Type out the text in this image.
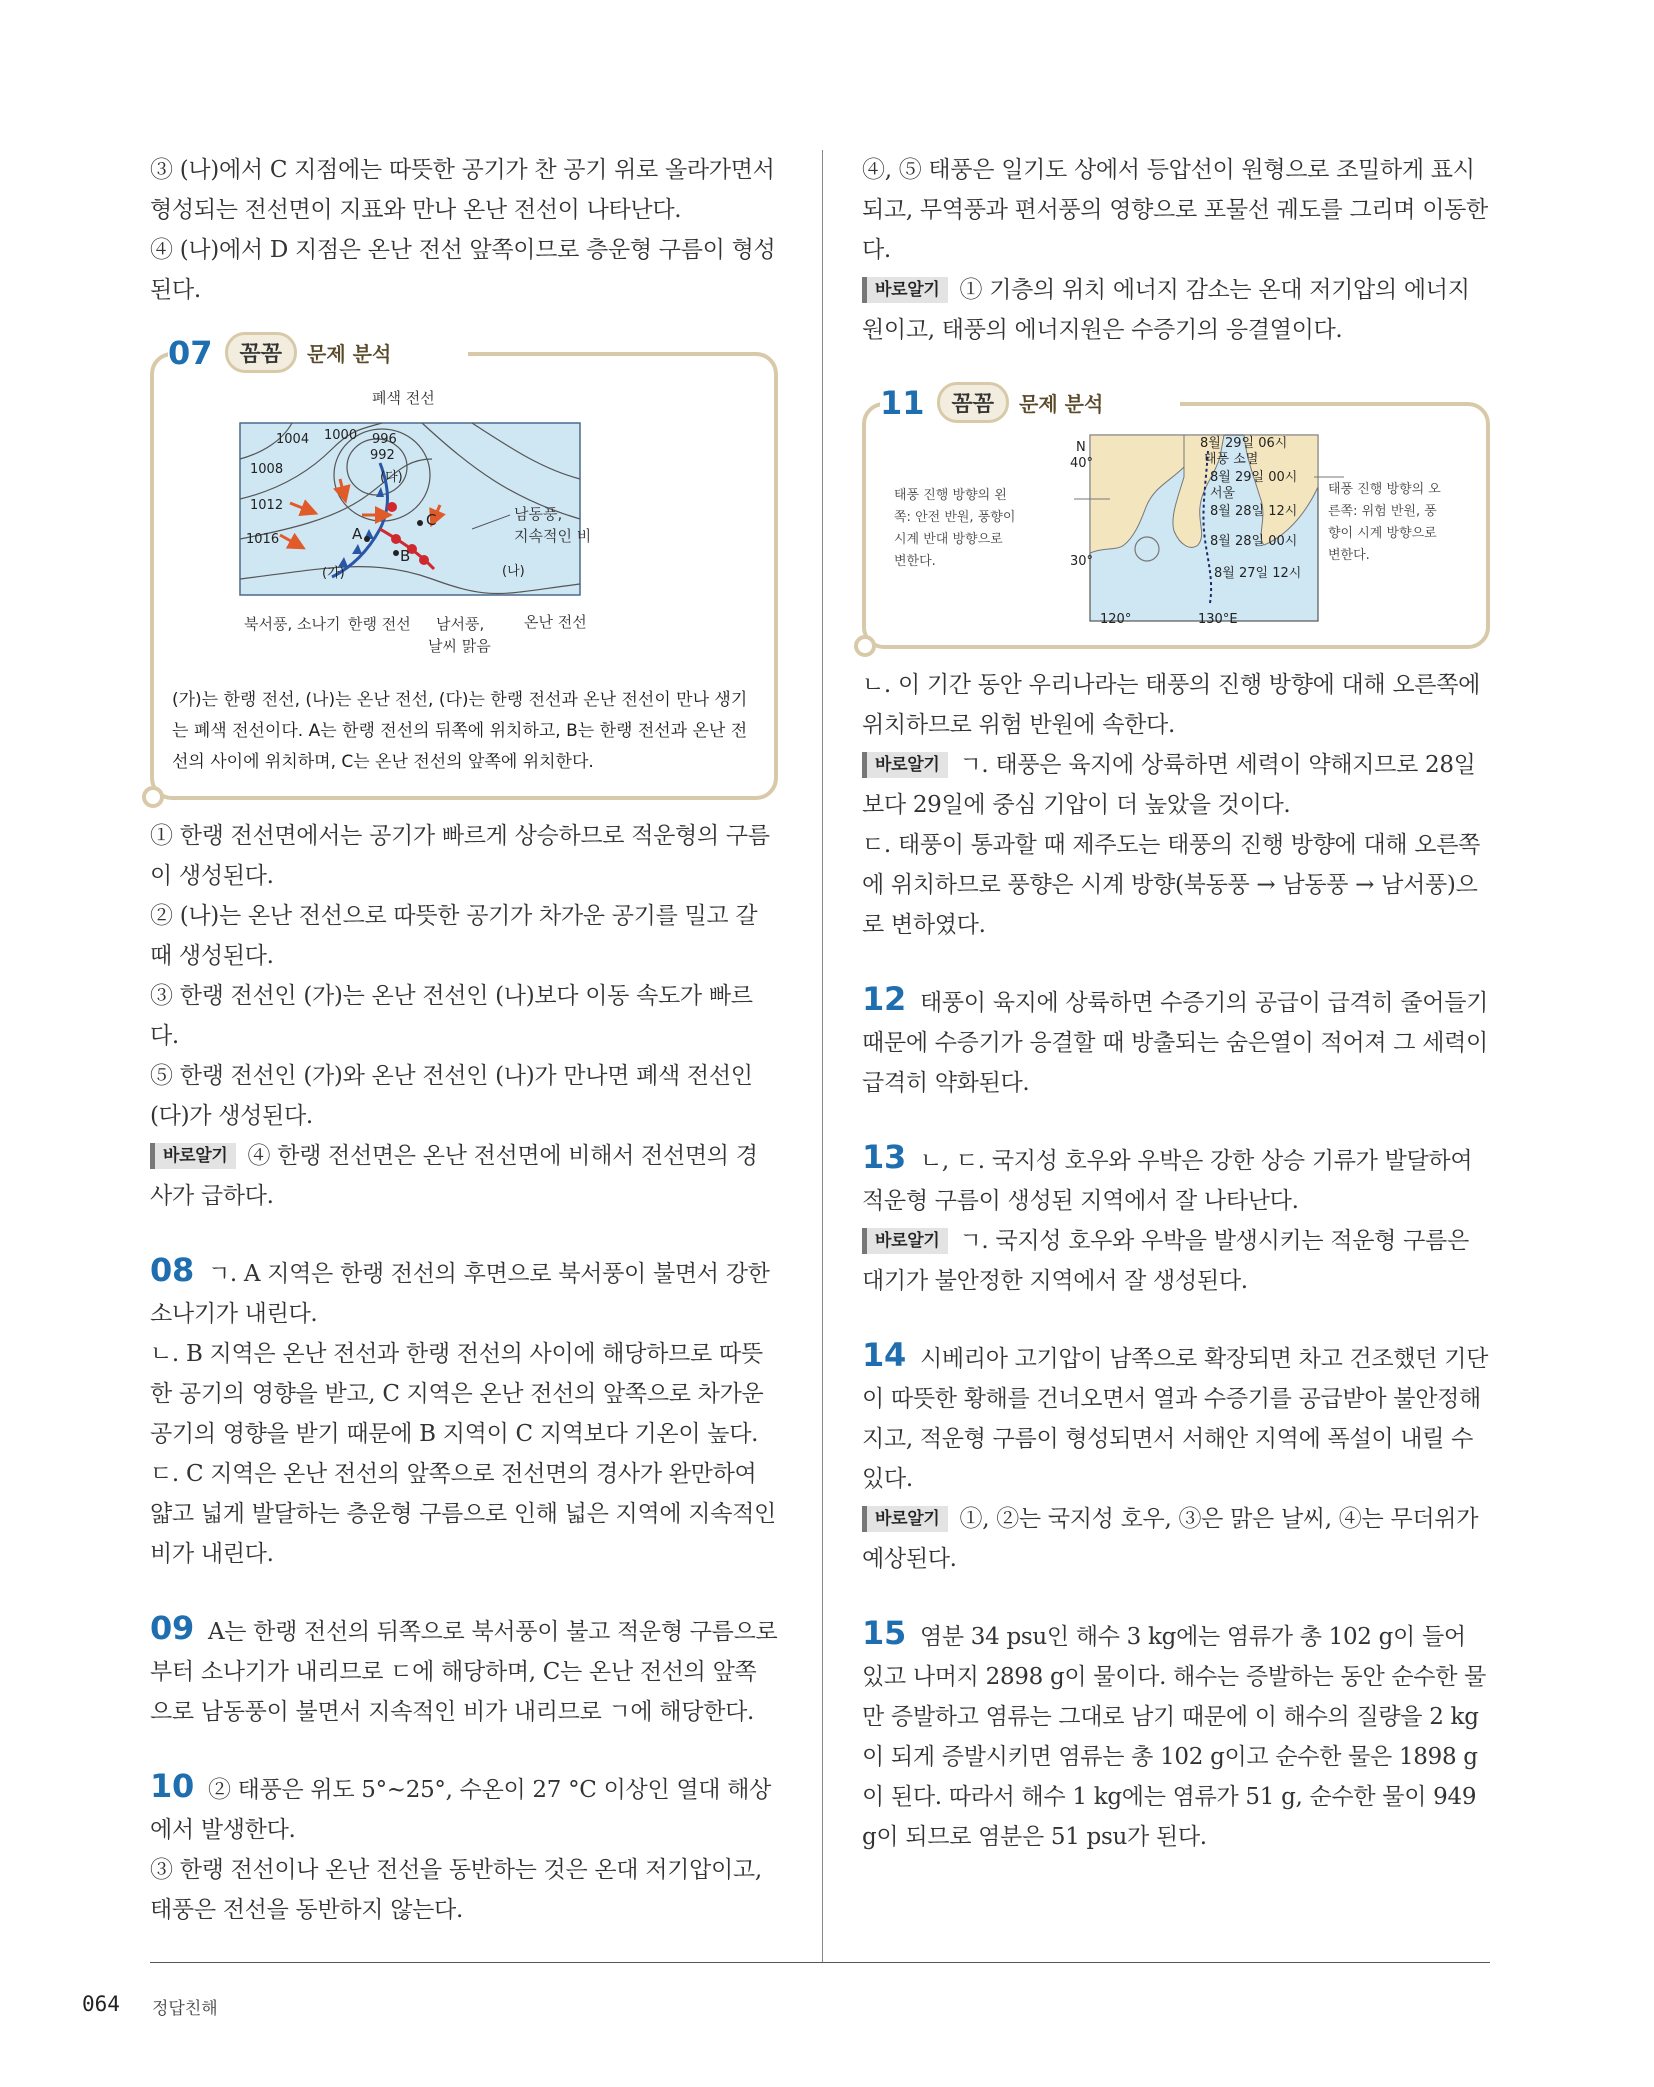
③ (나)에서 C 지점에는 따뜻한 공기가 찬 공기 위로 올라가면서 형성되는 전선면이 지표와 만나 온난 전선이 나타난다.

④ (나)에서 D 지점은 온난 전선 앞쪽이므로 층운형 구름이 형성된다.

07	꼼꼼	문제 분석
폐색 전선
1004 1000 996
992
1008
1012
1016
(다)
(가)	(나)
A
B
C	남동풍,
지속적인 비
북서풍, 소나기 한랭 전선 남서풍,
날씨 맑음
온난 전선

(가)는 한랭 전선, (나)는 온난 전선, (다)는 한랭 전선과 온난 전선이 만나 생기는 폐색 전선이다. A는 한랭 전선의 뒤쪽에 위치하고, B는 한랭 전선과 온난 전선의 사이에 위치하며, C는 온난 전선의 앞쪽에 위치한다.

① 한랭 전선면에서는 공기가 빠르게 상승하므로 적운형의 구름이 생성된다.

② (나)는 온난 전선으로 따뜻한 공기가 차가운 공기를 밀고 갈 때 생성된다.

③ 한랭 전선인 (가)는 온난 전선인 (나)보다 이동 속도가 빠르다.

⑤ 한랭 전선인 (가)와 온난 전선인 (나)가 만나면 폐색 전선인 (다)가 생성된다.

바로알기 ④ 한랭 전선면은 온난 전선면에 비해서 전선면의 경사가 급하다.

08 ㄱ. A 지역은 한랭 전선의 후면으로 북서풍이 불면서 강한 소나기가 내린다.

ㄴ. B 지역은 온난 전선과 한랭 전선의 사이에 해당하므로 따뜻한 공기의 영향을 받고, C 지역은 온난 전선의 앞쪽으로 차가운 공기의 영향을 받기 때문에 B 지역이 C 지역보다 기온이 높다.

ㄷ. C 지역은 온난 전선의 앞쪽으로 전선면의 경사가 완만하여 얇고 넓게 발달하는 층운형 구름으로 인해 넓은 지역에 지속적인 비가 내린다.

09 A는 한랭 전선의 뒤쪽으로 북서풍이 불고 적운형 구름으로부터 소나기가 내리므로 ㄷ에 해당하며, C는 온난 전선의 앞쪽으로 남동풍이 불면서 지속적인 비가 내리므로 ㄱ에 해당한다.

10 ② 태풍은 위도 5°~25°, 수온이 27 °C 이상인 열대 해상에서 발생한다.

③ 한랭 전선이나 온난 전선을 동반하는 것은 온대 저기압이고, 태풍은 전선을 동반하지 않는다.

④, ⑤ 태풍은 일기도 상에서 등압선이 원형으로 조밀하게 표시되고, 무역풍과 편서풍의 영향으로 포물선 궤도를 그리며 이동한다.

바로알기 ① 기층의 위치 에너지 감소는 온대 저기압의 에너지원이고, 태풍의 에너지원은 수증기의 응결열이다.

11	꼼꼼	문제 분석
N
40°
30°
120°	130°E
8월 29일 06시
태풍 소멸
8월 29일 00시
서울
8월 28일 12시
8월 28일 00시
8월 27일 12시
태풍 진행 방향의 왼
쪽: 안전 반원, 풍향이
시계 반대 방향으로
변한다.
태풍 진행 방향의 오
른쪽: 위험 반원, 풍
향이 시계 방향으로
변한다.

ㄴ. 이 기간 동안 우리나라는 태풍의 진행 방향에 대해 오른쪽에 위치하므로 위험 반원에 속한다.

바로알기 ㄱ. 태풍은 육지에 상륙하면 세력이 약해지므로 28일보다 29일에 중심 기압이 더 높았을 것이다.

ㄷ. 태풍이 통과할 때 제주도는 태풍의 진행 방향에 대해 오른쪽에 위치하므로 풍향은 시계 방향(북동풍 → 남동풍 → 남서풍)으로 변하였다.

12 태풍이 육지에 상륙하면 수증기의 공급이 급격히 줄어들기 때문에 수증기가 응결할 때 방출되는 숨은열이 적어져 그 세력이 급격히 약화된다.

13 ㄴ, ㄷ. 국지성 호우와 우박은 강한 상승 기류가 발달하여 적운형 구름이 생성된 지역에서 잘 나타난다.

바로알기 ㄱ. 국지성 호우와 우박을 발생시키는 적운형 구름은 대기가 불안정한 지역에서 잘 생성된다.

14 시베리아 고기압이 남쪽으로 확장되면 차고 건조했던 기단이 따뜻한 황해를 건너오면서 열과 수증기를 공급받아 불안정해지고, 적운형 구름이 형성되면서 서해안 지역에 폭설이 내릴 수 있다.

바로알기 ①, ②는 국지성 호우, ③은 맑은 날씨, ④는 무더위가 예상된다.

15 염분 34 psu인 해수 3 kg에는 염류가 총 102 g이 들어 있고 나머지 2898 g이 물이다. 해수는 증발하는 동안 순수한 물만 증발하고 염류는 그대로 남기 때문에 이 해수의 질량을 2 kg이 되게 증발시키면 염류는 총 102 g이고 순수한 물은 1898 g이 된다. 따라서 해수 1 kg에는 염류가 51 g, 순수한 물이 949 g이 되므로 염분은 51 psu가 된다.

064 정답친해
